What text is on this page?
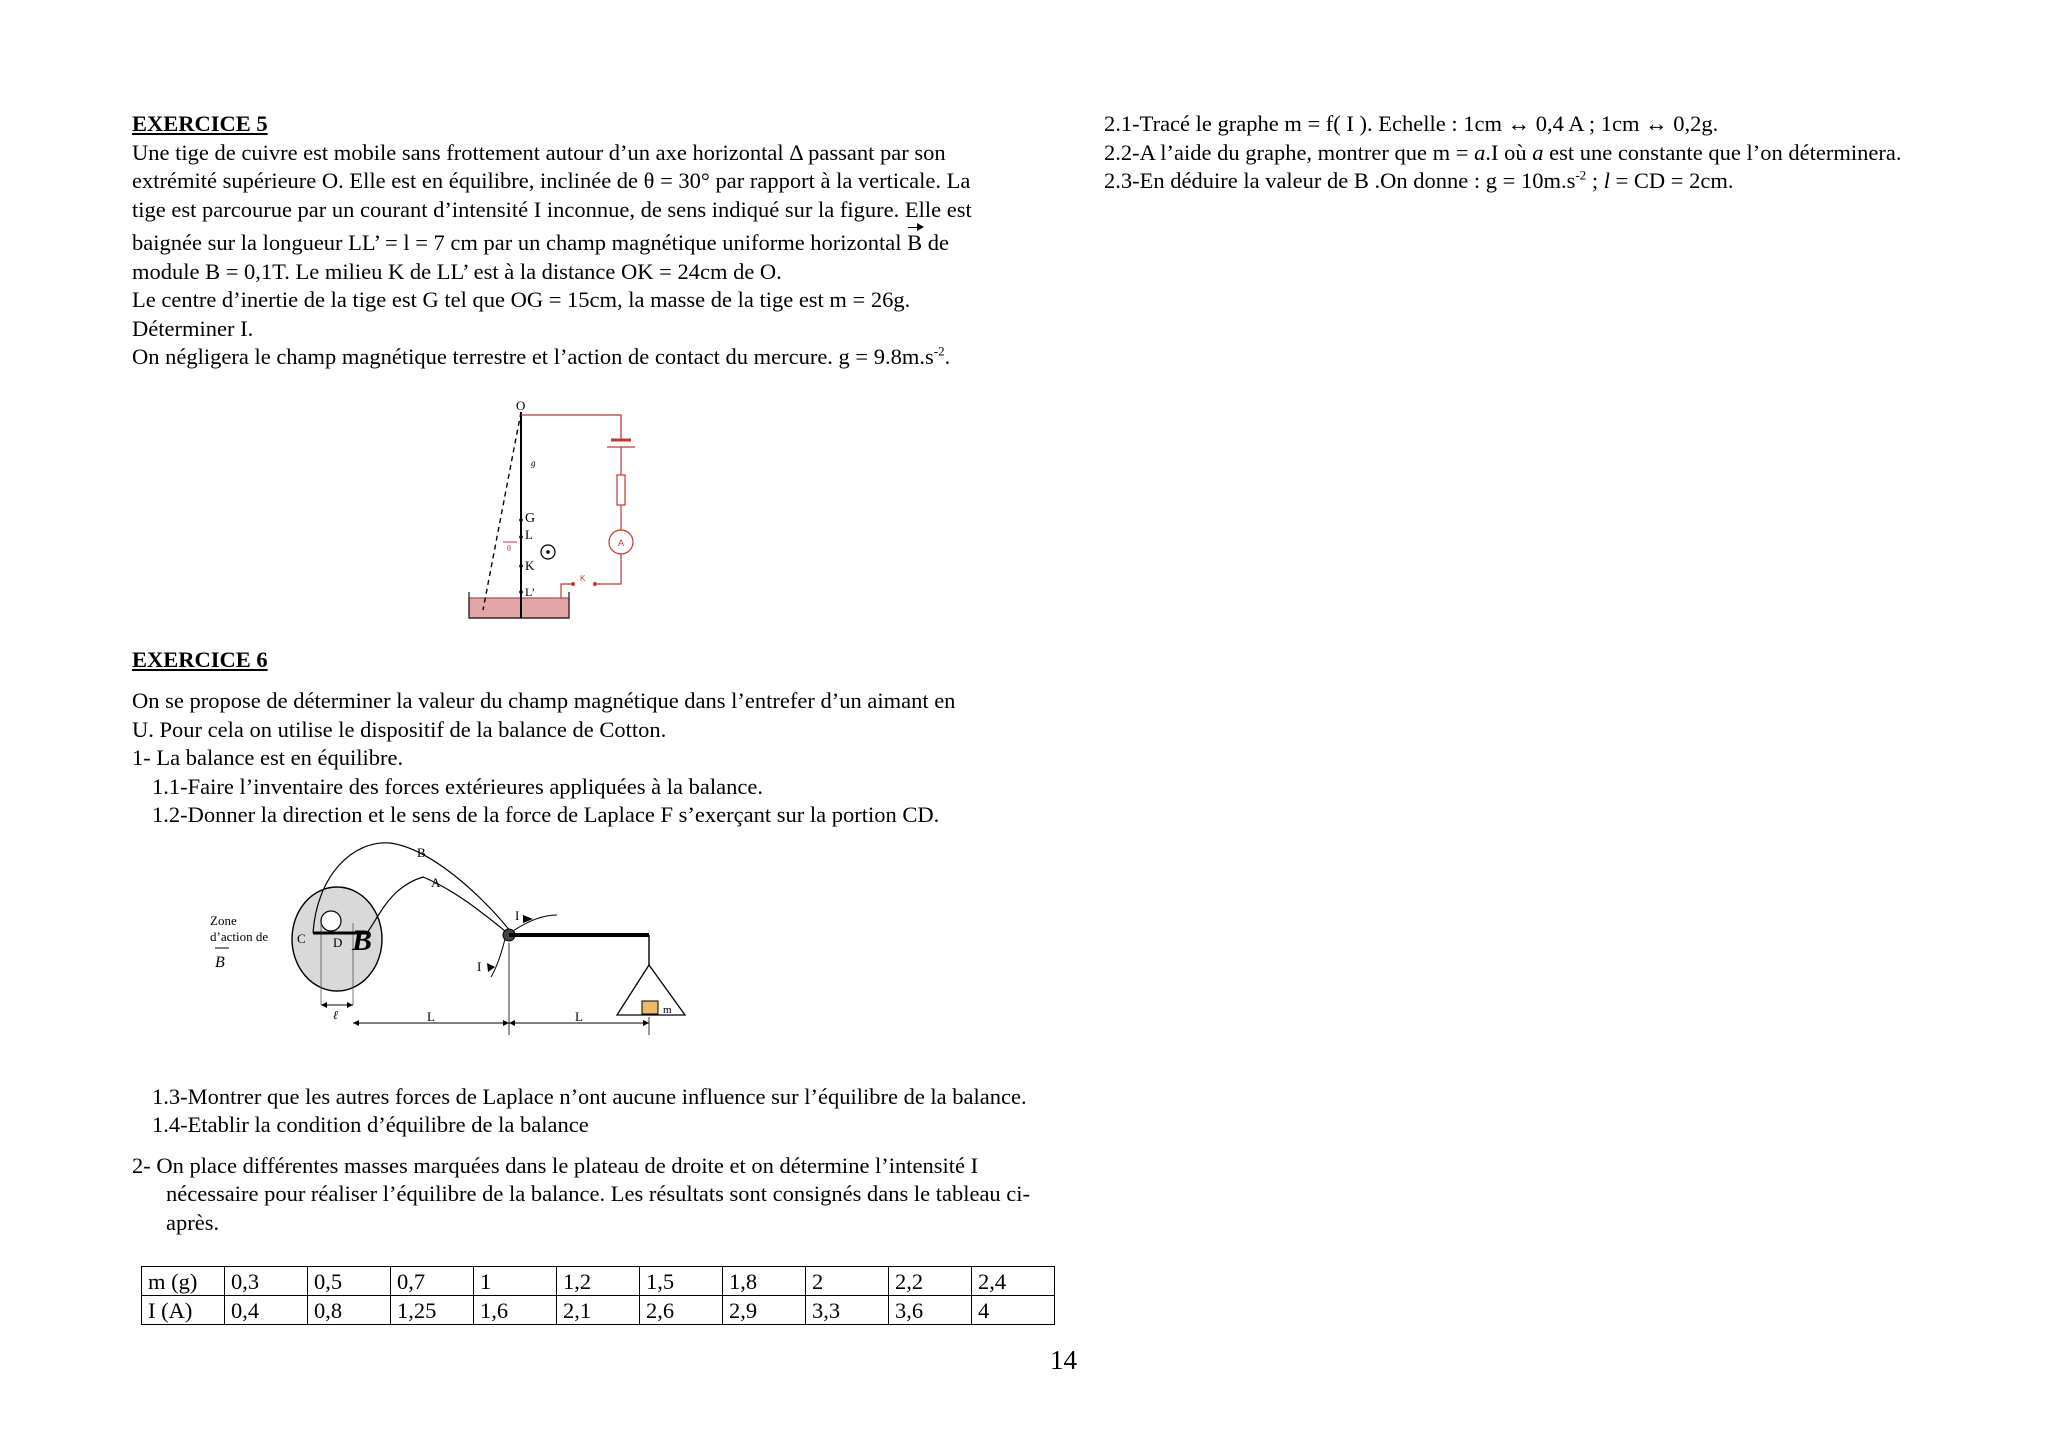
EXERCICE 5

Une tige de cuivre est mobile sans frottement autour d’un axe horizontal Δ passant par son

extrémité supérieure O. Elle est en équilibre, inclinée de θ = 30° par rapport à la verticale. La

tige est parcourue par un courant d’intensité I inconnue, de sens indiqué sur la figure. Elle est

baignée sur la longueur LL’ = l = 7 cm par un champ magnétique uniforme horizontal B de

module B = 0,1T. Le milieu K de LL’ est à la distance OK = 24cm de O.

Le centre d’inertie de la tige est G tel que OG = 15cm, la masse de la tige est m = 26g.

Déterminer I.

On négligera le champ magnétique terrestre et l’action de contact du mercure. $g = 9.8m.s^{-2}$.

EXERCICE 6

On se propose de déterminer la valeur du champ magnétique dans l’entrefer d’un aimant en

U. Pour cela on utilise le dispositif de la balance de Cotton.

1- La balance est en équilibre.

1.1-Faire l’inventaire des forces extérieures appliquées à la balance.

1.2-Donner la direction et le sens de la force de Laplace F s’exerçant sur la portion CD.

1.3-Montrer que les autres forces de Laplace n’ont aucune influence sur l’équilibre de la balance.

1.4-Etablir la condition d’équilibre de la balance

2- On place différentes masses marquées dans le plateau de droite et on détermine l’intensité I nécessaire pour réaliser l’équilibre de la balance. Les résultats sont consignés dans le tableau ci-après.

A
K
O
g
G
L
K
L’
θ
Zone
d’action de
B
D B
C
B
A
m
I
I
ℓ	L	L
m (g)	0,3	0,5	0,7	1	1,2	1,5	1,8	2	2,2	2,4
I (A)	0,4	0,8	1,25	1,6	2,1	2,6	2,9	3,3	3,6	4

2.1-Tracé le graphe m = f( I ). Echelle : 1cm ↔ 0,4 A ; 1cm ↔ 0,2g.

2.2-A l’aide du graphe, montrer que m = a.I où a est une constante que l’on déterminera.

2.3-En déduire la valeur de B .On donne : $g = 10m.s^{-2}$ ; l = CD = 2cm.

14
